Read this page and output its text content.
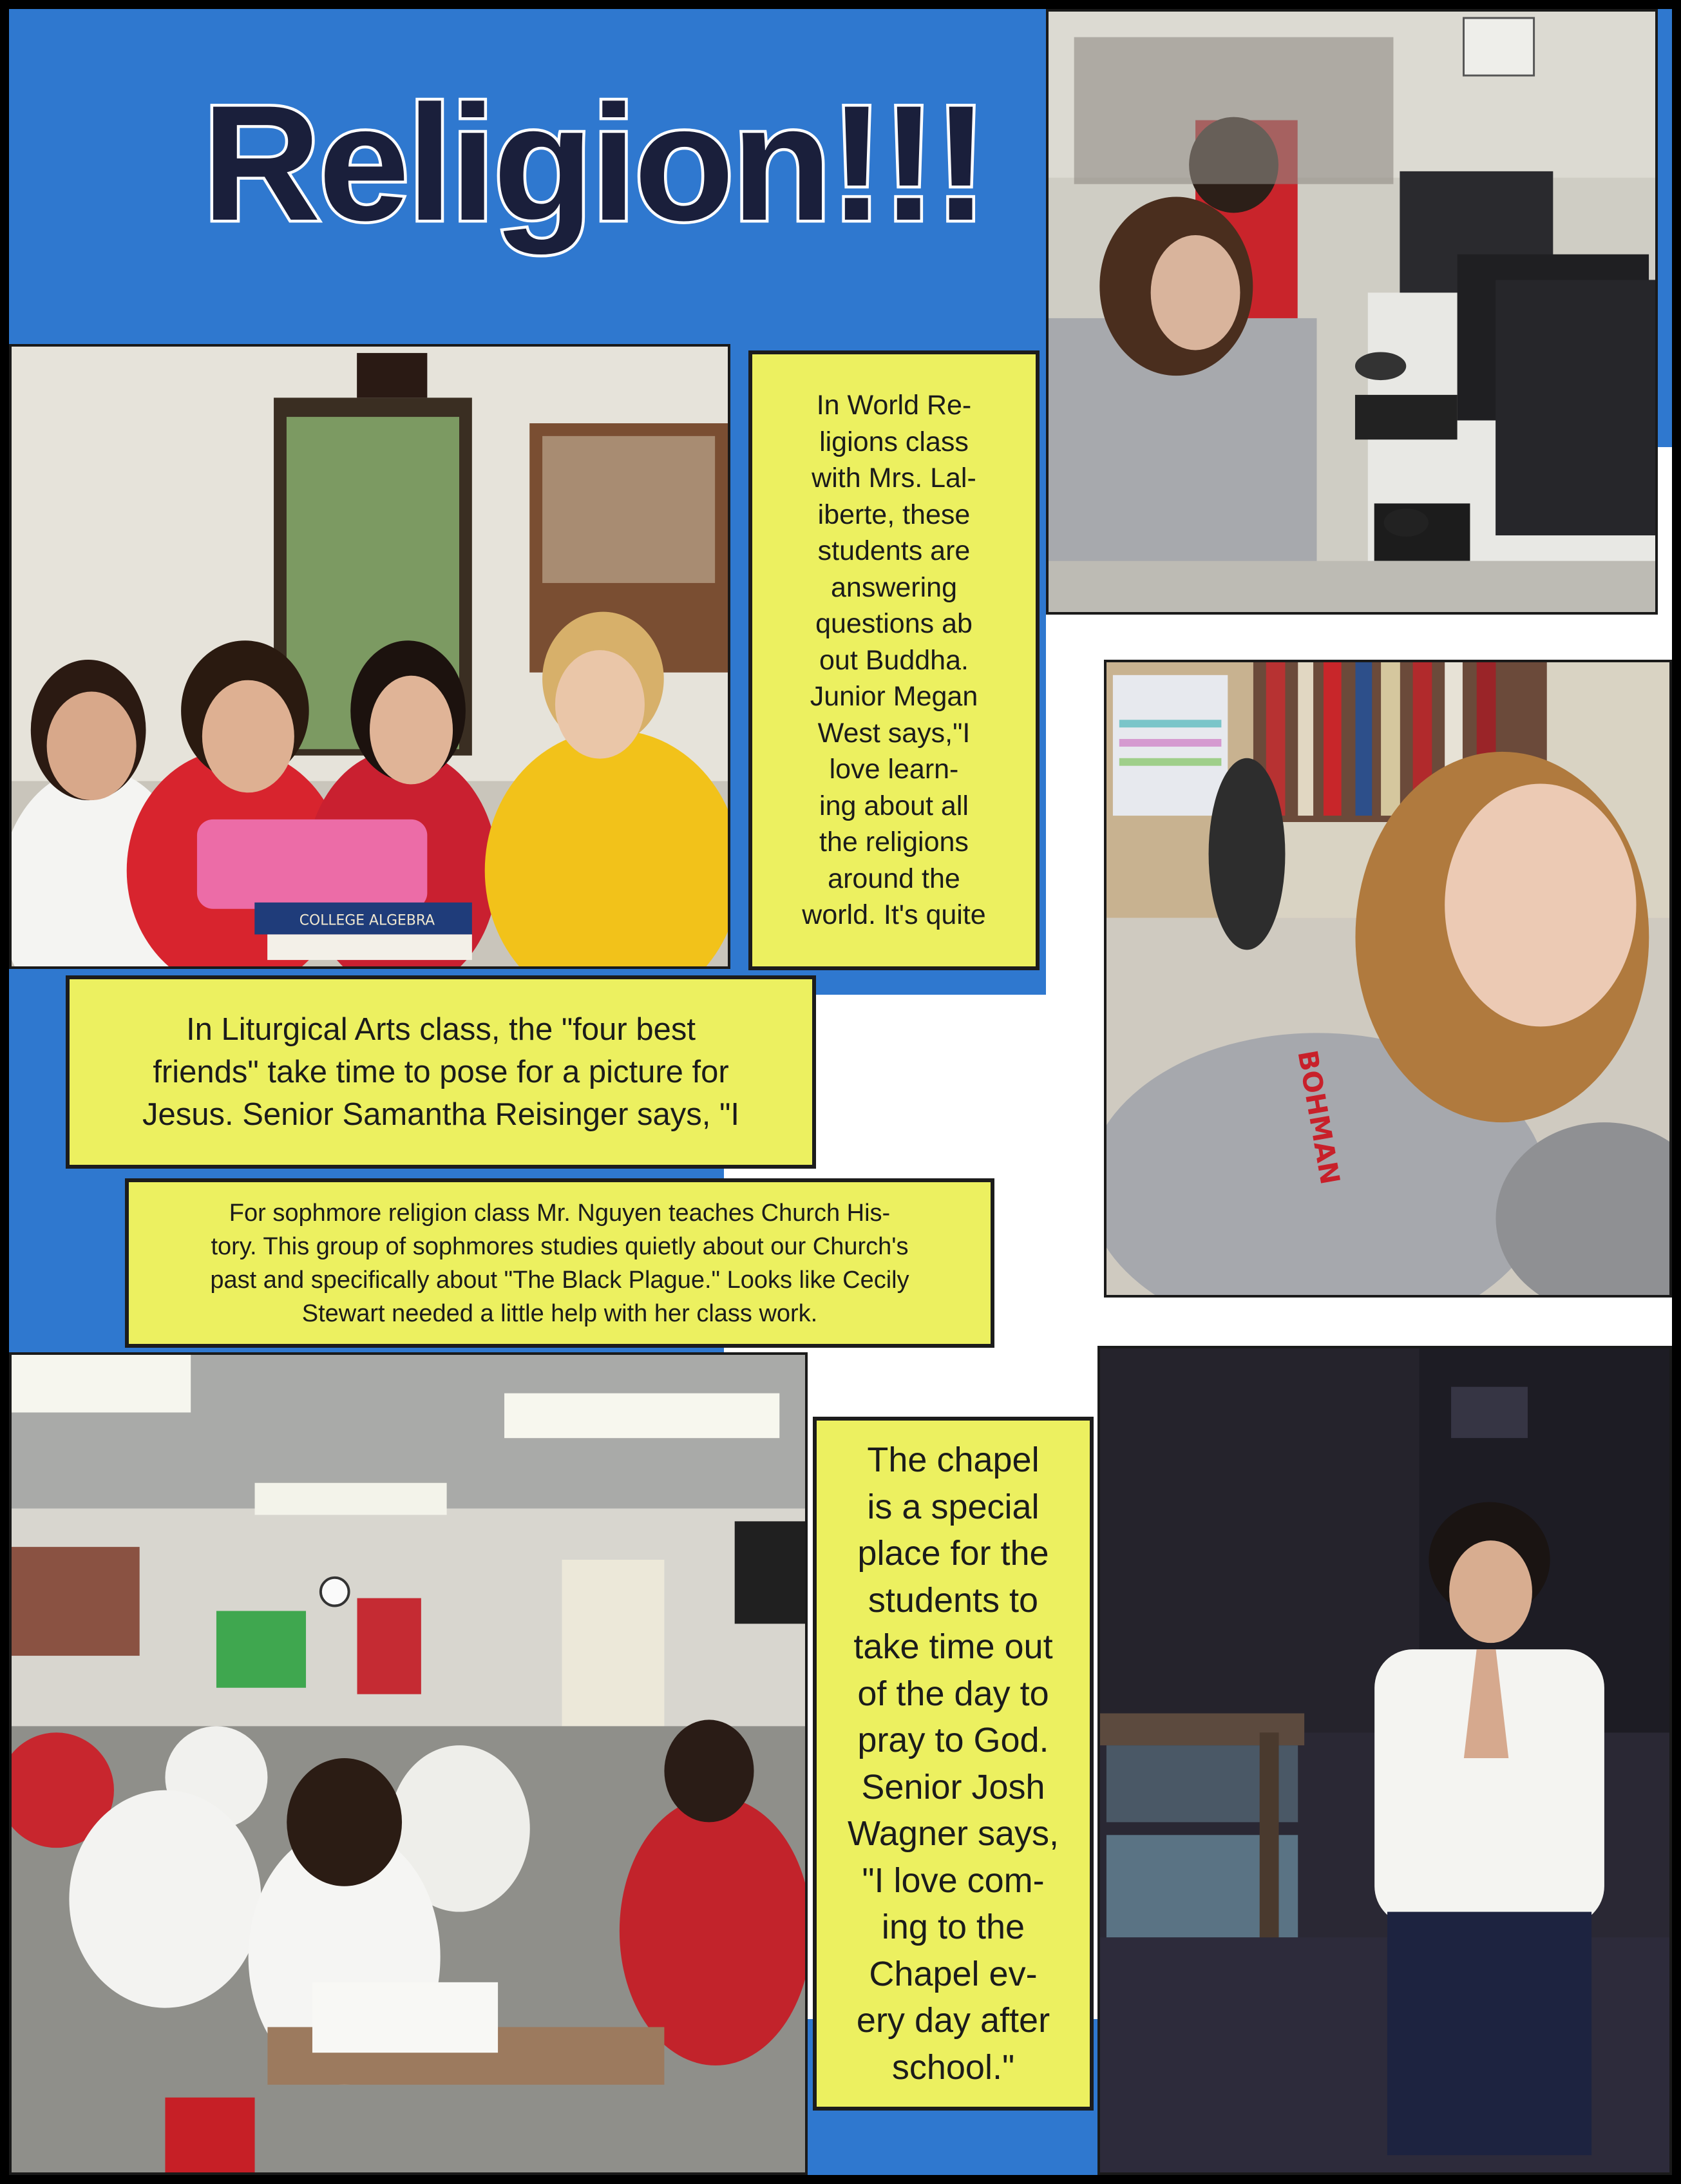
Religion!!!
COLLEGE ALGEBRA
In World Re-
ligions class
with Mrs. Lal-
iberte, these
students are
answering
questions ab
out Buddha.
Junior Megan
West says,"I
love learn-
ing about all
the religions
around the
world. It's quite
BOHMAN
In Liturgical Arts class, the "four best
friends" take time to pose for a picture for
Jesus. Senior Samantha Reisinger says, "I
For sophmore religion class Mr. Nguyen teaches Church His-
tory. This group of sophmores studies quietly about our Church's
past and specifically about "The Black Plague." Looks like Cecily
Stewart needed a little help with her class work.
The chapel
is a special
place for the
students to
take time out
of the day to
pray to God.
Senior Josh
Wagner says,
"I love com-
ing to the
Chapel ev-
ery day after
school."
